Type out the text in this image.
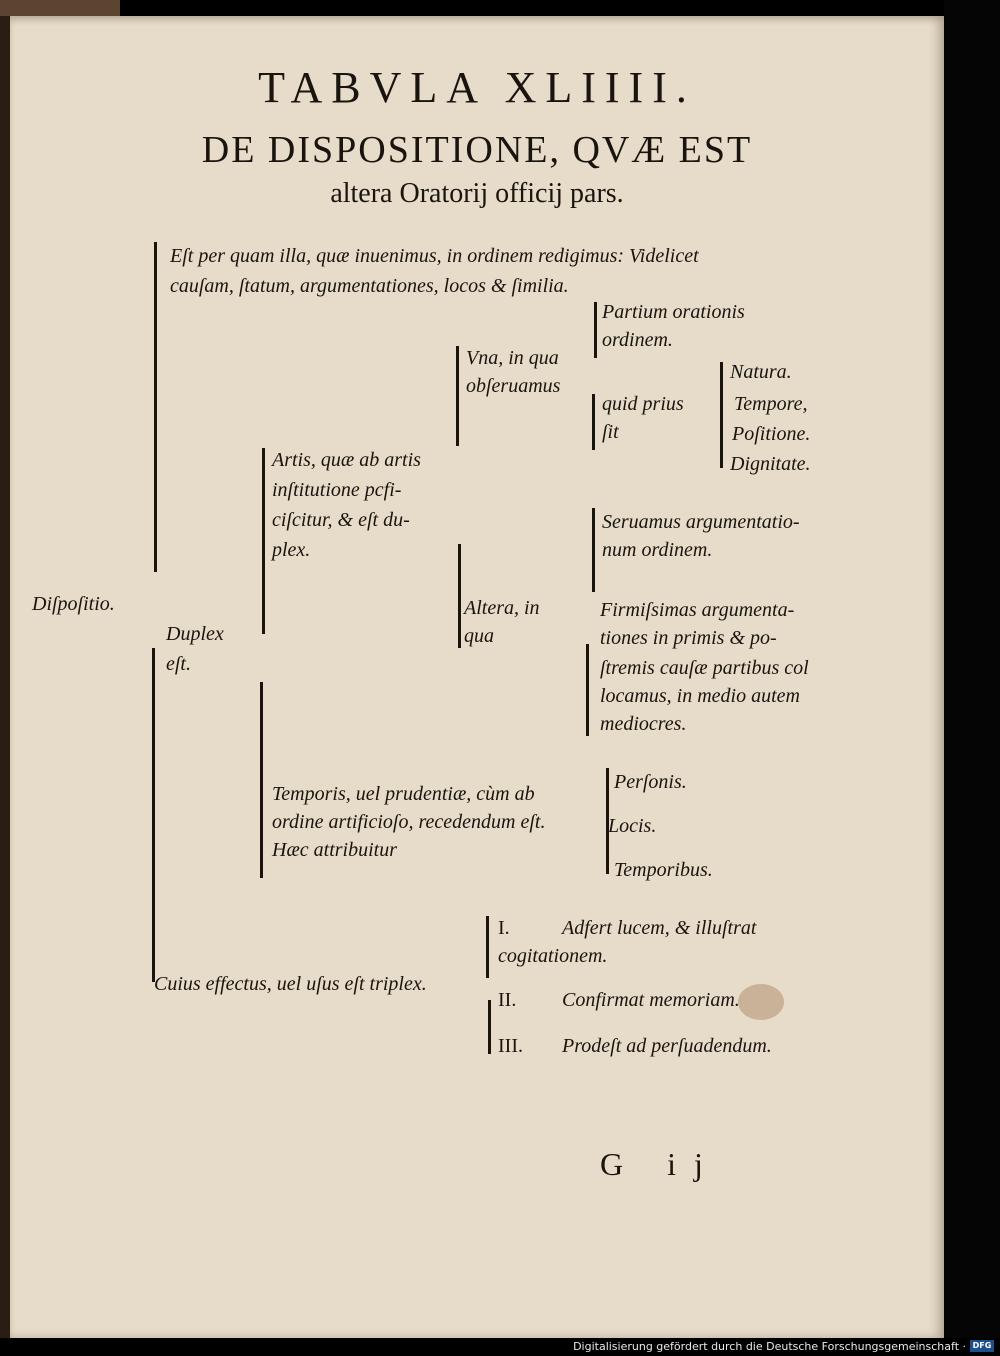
TABVLA XLIIII.
DE DISPOSITIONE, QVÆ EST
altera Oratorij officij pars.
Eſt per quam illa, quæ inuenimus, in ordinem redigimus: Videlicet
cauſam, ſtatum, argumentationes, locos & ſimilia.
Diſpoſitio.
Duplex
eſt.
Artis, quæ ab artis
inſtitutione pcfi-
ciſcitur, & eſt du-
plex.
Vna, in qua
obſeruamus
Partium orationis
ordinem.
quid prius
ſit
Natura.
Tempore,
Poſitione.
Dignitate.
Altera, in
qua
Seruamus argumentatio-
num ordinem.
Firmiſsimas argumenta-
tiones in primis & po-
ſtremis cauſæ partibus col
locamus, in medio autem
mediocres.
Temporis, uel prudentiæ, cùm ab
ordine artificioſo, recedendum eſt.
Hæc attribuitur
Perſonis.
Locis.
Temporibus.
Cuius effectus, uel uſus eſt triplex.
I.	Adfert lucem, & illuſtrat
cogitationem.
II. Confirmat memoriam.
III. Prodeſt ad perſuadendum.
G ij
Digitalisierung gefördert durch die Deutsche Forschungsgemeinschaft · DFG
